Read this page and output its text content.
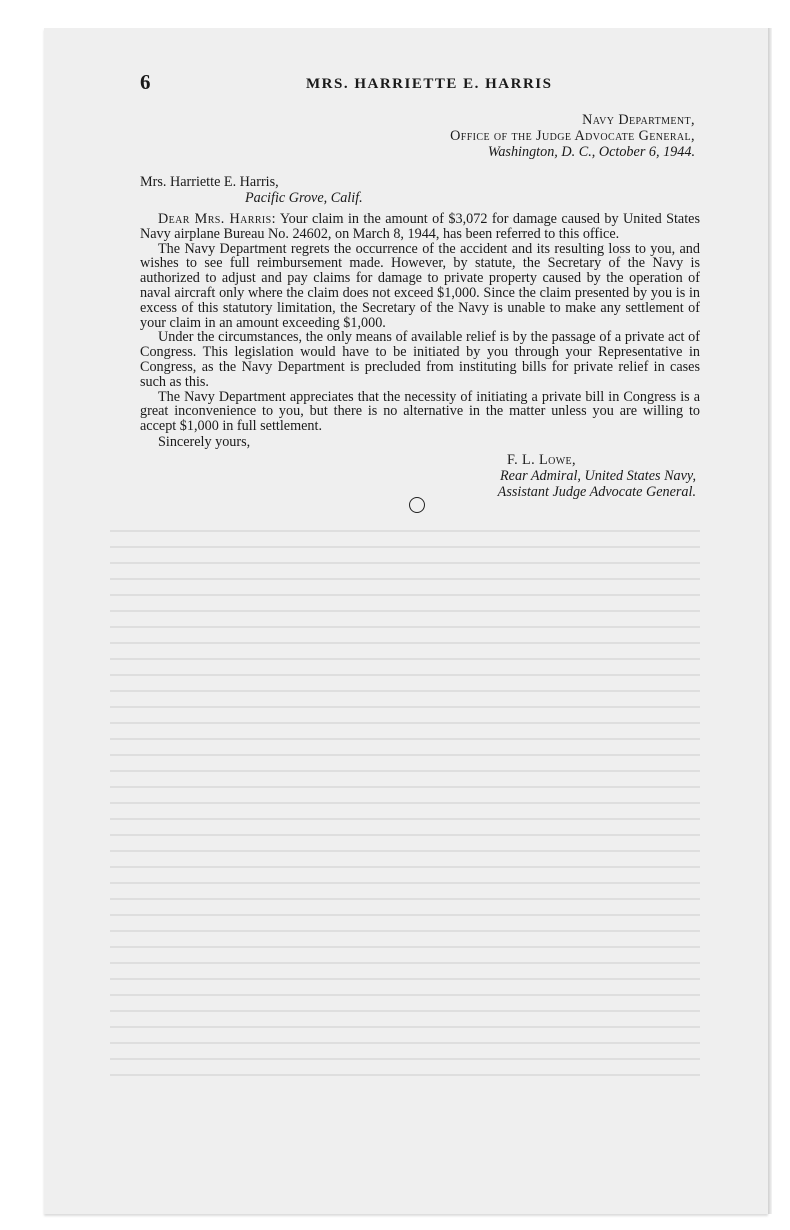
6	MRS. HARRIETTE E. HARRIS
Navy Department,
Office of the Judge Advocate General,
Washington, D. C., October 6, 1944.
Mrs. Harriette E. Harris,
Pacific Grove, Calif.

Dear Mrs. Harris: Your claim in the amount of $3,072 for damage caused by United States Navy airplane Bureau No. 24602, on March 8, 1944, has been referred to this office.

The Navy Department regrets the occurrence of the accident and its resulting loss to you, and wishes to see full reimbursement made. However, by statute, the Secretary of the Navy is authorized to adjust and pay claims for damage to private property caused by the operation of naval aircraft only where the claim does not exceed $1,000. Since the claim presented by you is in excess of this statutory limitation, the Secretary of the Navy is unable to make any settlement of your claim in an amount exceeding $1,000.

Under the circumstances, the only means of available relief is by the passage of a private act of Congress. This legislation would have to be initiated by you through your Representative in Congress, as the Navy Department is precluded from instituting bills for private relief in cases such as this.

The Navy Department appreciates that the necessity of initiating a private bill in Congress is a great inconvenience to you, but there is no alternative in the matter unless you are willing to accept $1,000 in full settlement.

Sincerely yours,
F. L. Lowe,
Rear Admiral, United States Navy,
Assistant Judge Advocate General.
